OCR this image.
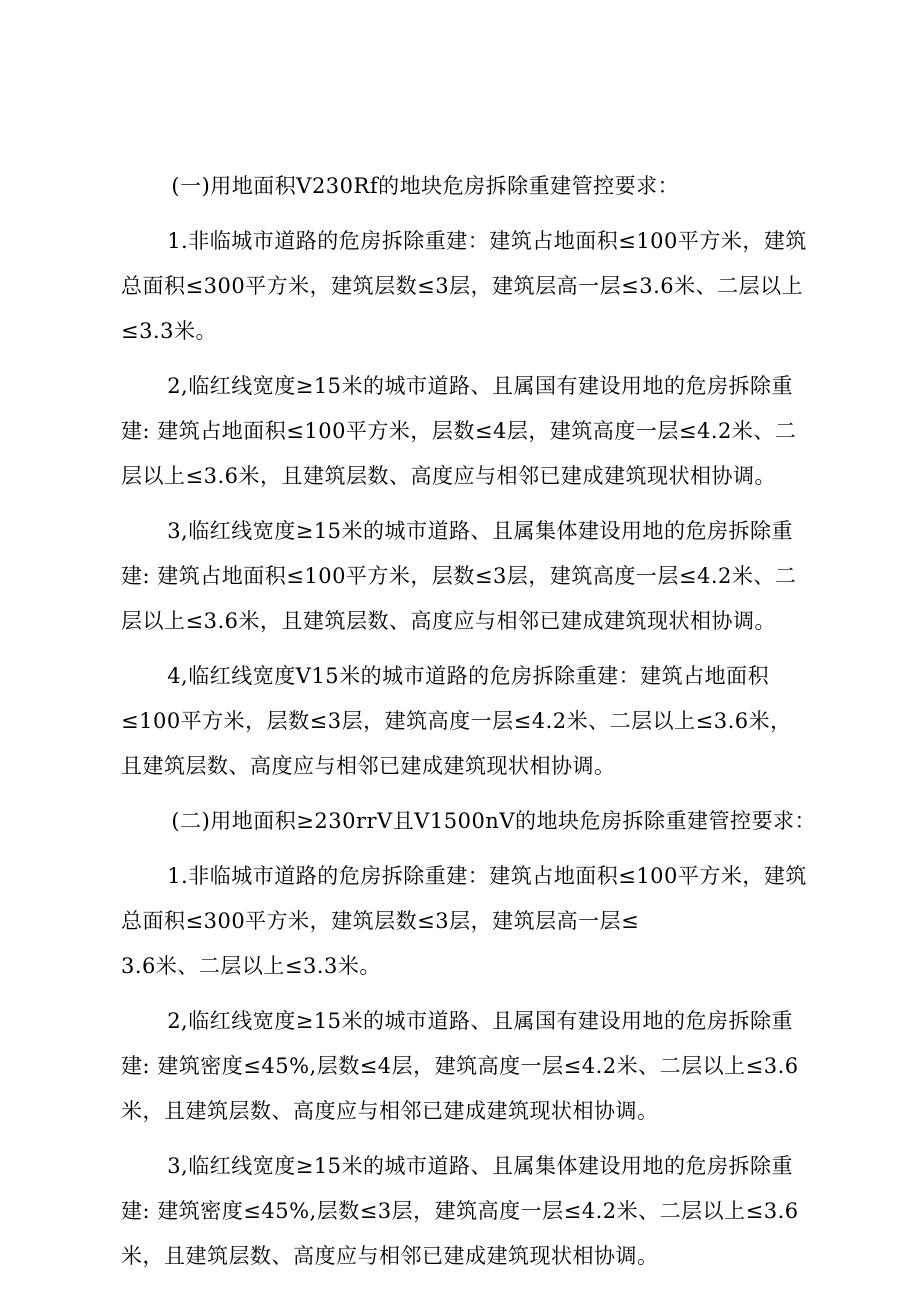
(一)用地面积V230Rf的地块危房拆除重建管控要求：

1.非临城市道路的危房拆除重建：建筑占地面积≤100平方米，建筑
总面积≤300平方米，建筑层数≤3层，建筑层高一层≤3.6米、二层以上
≤3.3米。

2,临红线宽度≥15米的城市道路、且属国有建设用地的危房拆除重
建: 建筑占地面积≤100平方米，层数≤4层，建筑高度一层≤4.2米、二
层以上≤3.6米，且建筑层数、高度应与相邻已建成建筑现状相协调。

3,临红线宽度≥15米的城市道路、且属集体建设用地的危房拆除重
建: 建筑占地面积≤100平方米，层数≤3层，建筑高度一层≤4.2米、二
层以上≤3.6米，且建筑层数、高度应与相邻已建成建筑现状相协调。

4,临红线宽度V15米的城市道路的危房拆除重建：建筑占地面积
≤100平方米，层数≤3层，建筑高度一层≤4.2米、二层以上≤3.6米，
且建筑层数、高度应与相邻已建成建筑现状相协调。

(二)用地面积≥230rrV且V1500nV的地块危房拆除重建管控要求：

1.非临城市道路的危房拆除重建：建筑占地面积≤100平方米，建筑
总面积≤300平方米，建筑层数≤3层，建筑层高一层≤
3.6米、二层以上≤3.3米。

2,临红线宽度≥15米的城市道路、且属国有建设用地的危房拆除重
建: 建筑密度≤45%,层数≤4层，建筑高度一层≤4.2米、二层以上≤3.6
米，且建筑层数、高度应与相邻已建成建筑现状相协调。

3,临红线宽度≥15米的城市道路、且属集体建设用地的危房拆除重
建: 建筑密度≤45%,层数≤3层，建筑高度一层≤4.2米、二层以上≤3.6
米，且建筑层数、高度应与相邻已建成建筑现状相协调。
